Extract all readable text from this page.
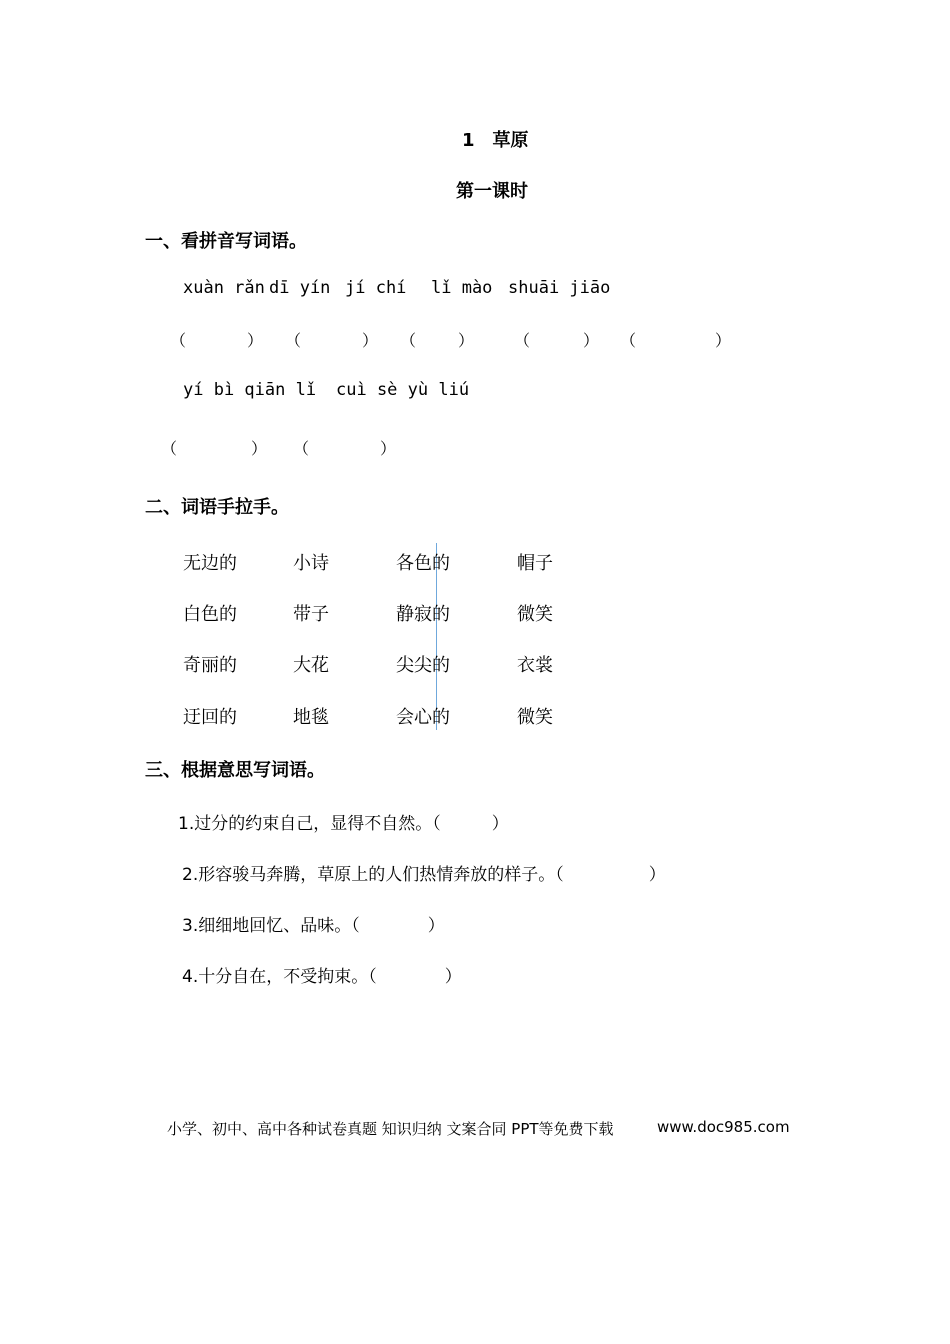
1　草原
第一课时
一、看拼音写词语。
xuàn rǎn dī yín jí chí lǐ mào shuāi jiāo
（	） （	） （	） （	） （	）
yí bì qiān lǐ cuì sè yù liú
（	） （	）
二、词语手拉手。
无边的	小诗	各色的	帽子
白色的	带子	静寂的	微笑
奇丽的	大花	尖尖的	衣裳
迂回的	地毯	会心的	微笑
三、根据意思写词语。
1.过分的约束自己，显得不自然。（　　　）
2.形容骏马奔腾，草原上的人们热情奔放的样子。（　　　　　）
3.细细地回忆、品味。（　　　　）
4.十分自在，不受拘束。（　　　　）
小学、初中、高中各种试卷真题 知识归纳 文案合同 PPT等免费下载	www.doc985.com
